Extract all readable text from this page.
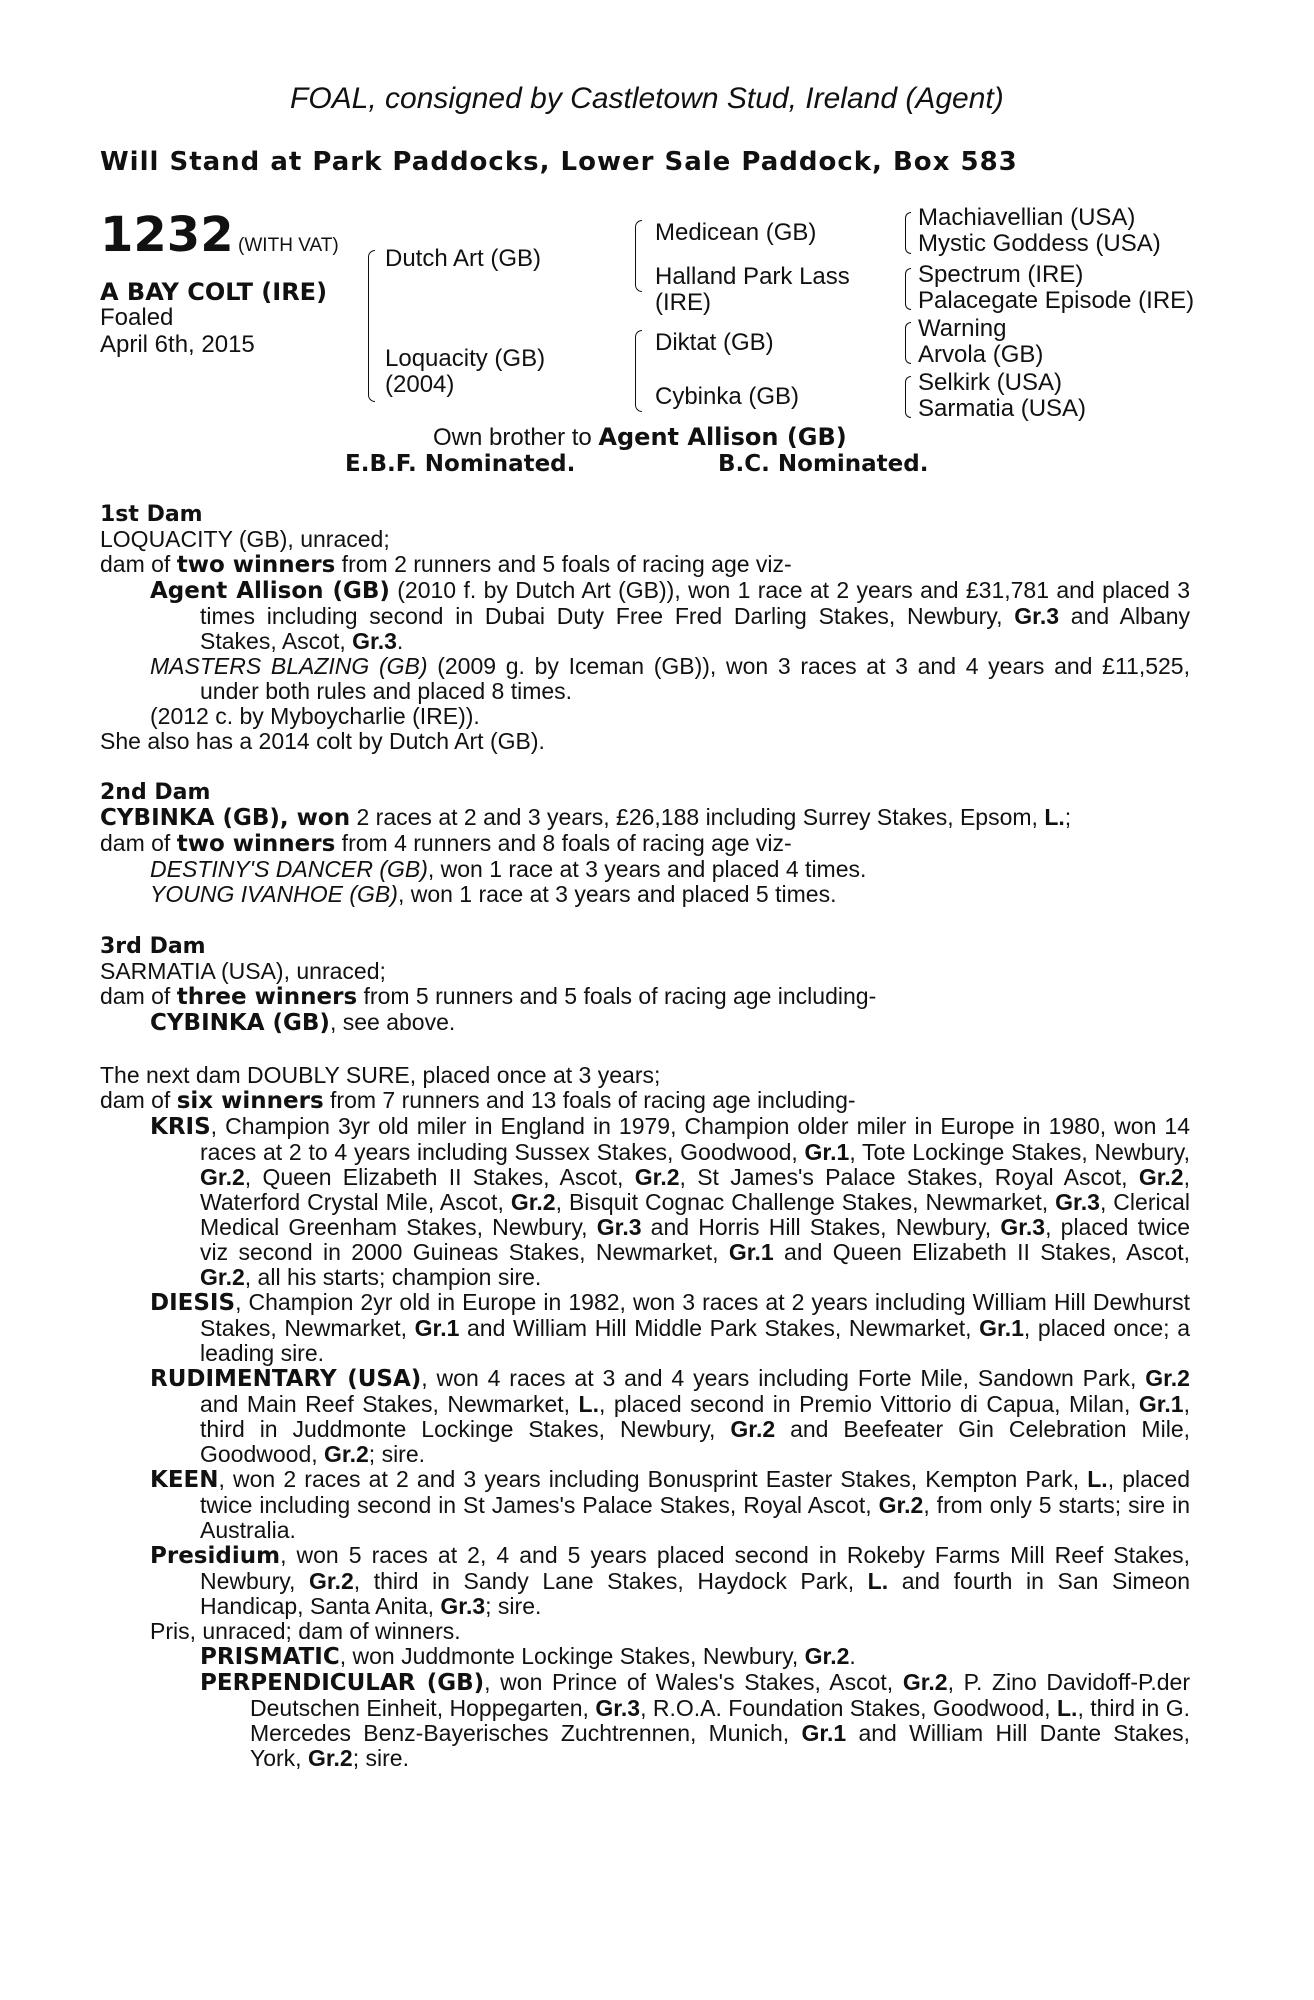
FOAL, consigned by Castletown Stud, Ireland (Agent)
Will Stand at Park Paddocks, Lower Sale Paddock, Box 583
1232 (WITH VAT)
A BAY COLT (IRE)
Foaled
April 6th, 2015
Dutch Art (GB)
Loquacity (GB)
(2004)
Medicean (GB)
Halland Park Lass
(IRE)
Diktat (GB)
Cybinka (GB)
Machiavellian (USA)
Mystic Goddess (USA)
Spectrum (IRE)
Palacegate Episode (IRE)
Warning
Arvola (GB)
Selkirk (USA)
Sarmatia (USA)
Own brother to Agent Allison (GB)
E.B.F. Nominated.	B.C. Nominated.

1st Dam

LOQUACITY (GB), unraced;

dam of two winners from 2 runners and 5 foals of racing age viz-

Agent Allison (GB) (2010 f. by Dutch Art (GB)), won 1 race at 2 years and £31,781 and placed 3 times including second in Dubai Duty Free Fred Darling Stakes, Newbury, Gr.3 and Albany Stakes, Ascot, Gr.3.

MASTERS BLAZING (GB) (2009 g. by Iceman (GB)), won 3 races at 3 and 4 years and £11,525, under both rules and placed 8 times.

(2012 c. by Myboycharlie (IRE)).

She also has a 2014 colt by Dutch Art (GB).

2nd Dam

CYBINKA (GB), won 2 races at 2 and 3 years, £26,188 including Surrey Stakes, Epsom, L.;

dam of two winners from 4 runners and 8 foals of racing age viz-

DESTINY'S DANCER (GB), won 1 race at 3 years and placed 4 times.

YOUNG IVANHOE (GB), won 1 race at 3 years and placed 5 times.

3rd Dam

SARMATIA (USA), unraced;

dam of three winners from 5 runners and 5 foals of racing age including-

CYBINKA (GB), see above.

The next dam DOUBLY SURE, placed once at 3 years;

dam of six winners from 7 runners and 13 foals of racing age including-

KRIS, Champion 3yr old miler in England in 1979, Champion older miler in Europe in 1980, won 14 races at 2 to 4 years including Sussex Stakes, Goodwood, Gr.1, Tote Lockinge Stakes, Newbury, Gr.2, Queen Elizabeth II Stakes, Ascot, Gr.2, St James's Palace Stakes, Royal Ascot, Gr.2, Waterford Crystal Mile, Ascot, Gr.2, Bisquit Cognac Challenge Stakes, Newmarket, Gr.3, Clerical Medical Greenham Stakes, Newbury, Gr.3 and Horris Hill Stakes, Newbury, Gr.3, placed twice viz second in 2000 Guineas Stakes, Newmarket, Gr.1 and Queen Elizabeth II Stakes, Ascot, Gr.2, all his starts; champion sire.

DIESIS, Champion 2yr old in Europe in 1982, won 3 races at 2 years including William Hill Dewhurst Stakes, Newmarket, Gr.1 and William Hill Middle Park Stakes, Newmarket, Gr.1, placed once; a leading sire.

RUDIMENTARY (USA), won 4 races at 3 and 4 years including Forte Mile, Sandown Park, Gr.2 and Main Reef Stakes, Newmarket, L., placed second in Premio Vittorio di Capua, Milan, Gr.1, third in Juddmonte Lockinge Stakes, Newbury, Gr.2 and Beefeater Gin Celebration Mile, Goodwood, Gr.2; sire.

KEEN, won 2 races at 2 and 3 years including Bonusprint Easter Stakes, Kempton Park, L., placed twice including second in St James's Palace Stakes, Royal Ascot, Gr.2, from only 5 starts; sire in Australia.

Presidium, won 5 races at 2, 4 and 5 years placed second in Rokeby Farms Mill Reef Stakes, Newbury, Gr.2, third in Sandy Lane Stakes, Haydock Park, L. and fourth in San Simeon Handicap, Santa Anita, Gr.3; sire.

Pris, unraced; dam of winners.

PRISMATIC, won Juddmonte Lockinge Stakes, Newbury, Gr.2.

PERPENDICULAR (GB), won Prince of Wales's Stakes, Ascot, Gr.2, P. Zino Davidoff-P.der Deutschen Einheit, Hoppegarten, Gr.3, R.O.A. Foundation Stakes, Goodwood, L., third in G. Mercedes Benz-Bayerisches Zuchtrennen, Munich, Gr.1 and William Hill Dante Stakes, York, Gr.2; sire.
